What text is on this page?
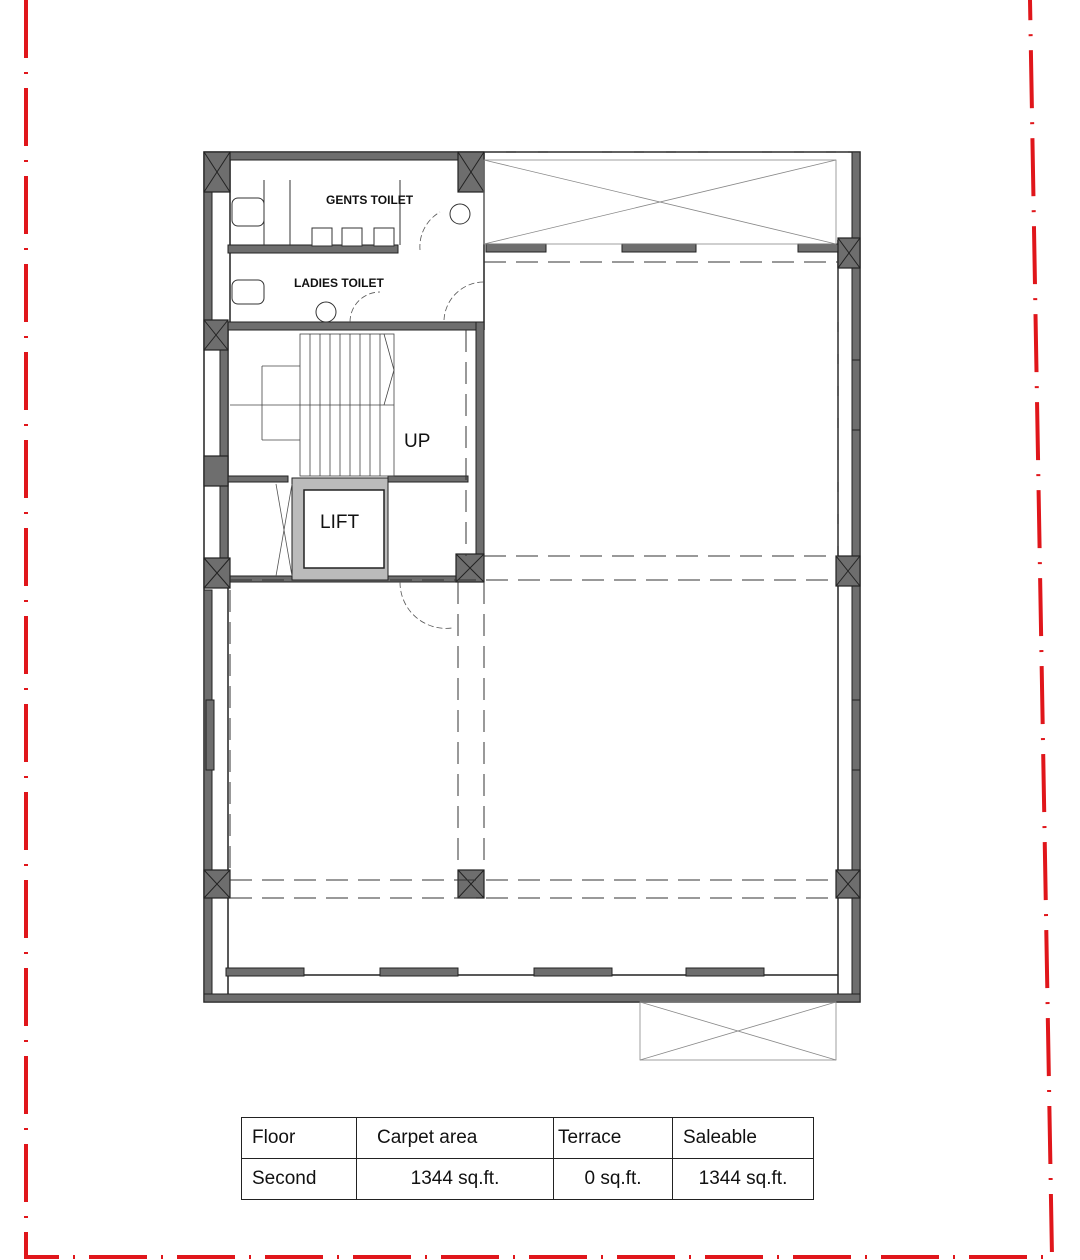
GENTS TOILET
LADIES TOILET
UP
LIFT
Floor	Carpet area	Terrace	Saleable
Second	1344 sq.ft.	0 sq.ft.	1344 sq.ft.
